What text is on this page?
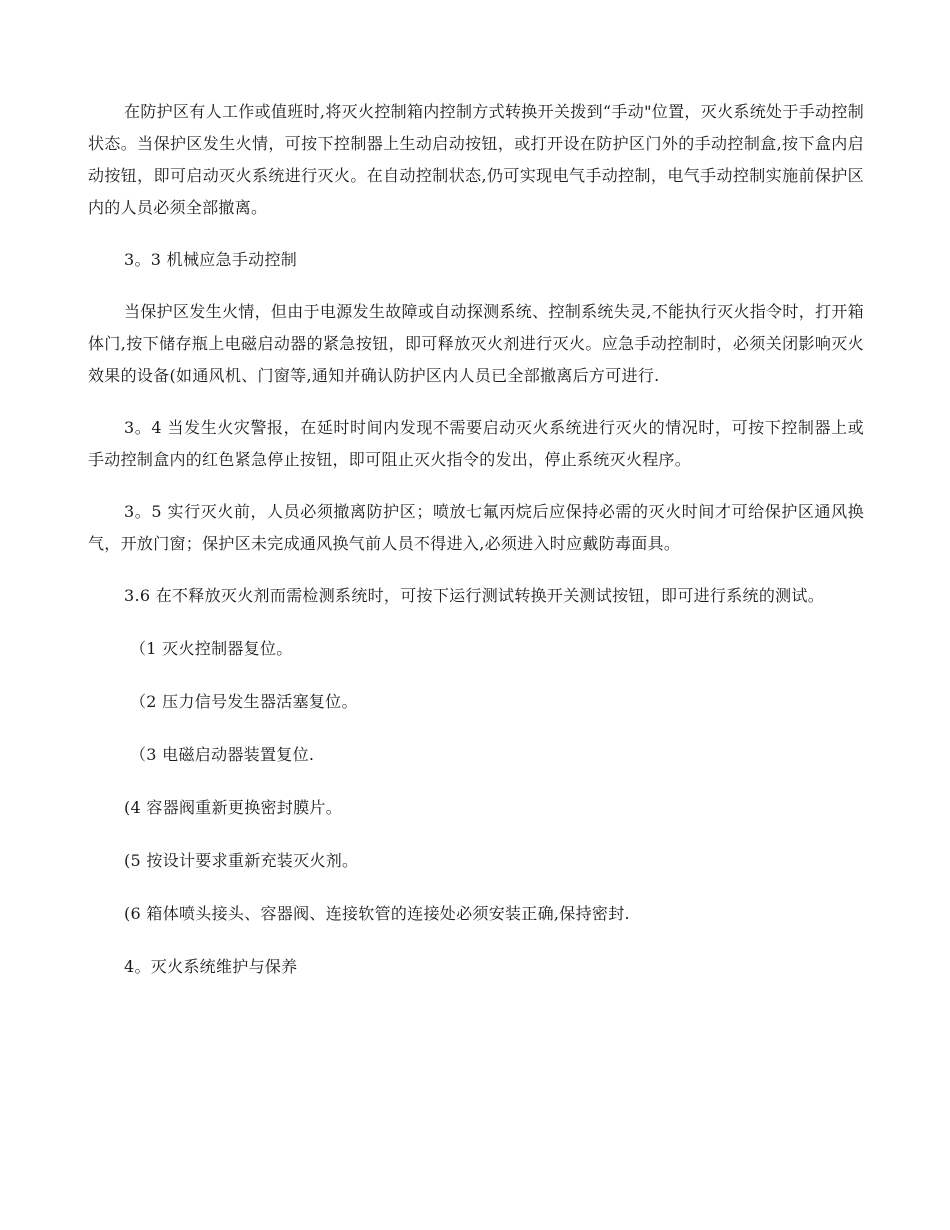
在防护区有人工作或值班时,将灭火控制箱内控制方式转换开关拨到“手动"位置，灭火系统处于手动控制状态。当保护区发生火情，可按下控制器上生动启动按钮，或打开设在防护区门外的手动控制盒,按下盒内启动按钮，即可启动灭火系统进行灭火。在自动控制状态,仍可实现电气手动控制，电气手动控制实施前保护区内的人员必须全部撤离。

3。3 机械应急手动控制

当保护区发生火情，但由于电源发生故障或自动探测系统、控制系统失灵,不能执行灭火指令时，打开箱体门,按下储存瓶上电磁启动器的紧急按钮，即可释放灭火剂进行灭火。应急手动控制时，必须关闭影响灭火效果的设备(如通风机、门窗等,通知并确认防护区内人员已全部撤离后方可进行.

3。4 当发生火灾警报，在延时时间内发现不需要启动灭火系统进行灭火的情况时，可按下控制器上或手动控制盒内的红色紧急停止按钮，即可阻止灭火指令的发出，停止系统灭火程序。

3。5 实行灭火前，人员必须撤离防护区；喷放七氟丙烷后应保持必需的灭火时间才可给保护区通风换气，开放门窗；保护区未完成通风换气前人员不得进入,必须进入时应戴防毒面具。

3.6 在不释放灭火剂而需检测系统时，可按下运行测试转换开关测试按钮，即可进行系统的测试。

（1 灭火控制器复位。

（2 压力信号发生器活塞复位。

（3 电磁启动器装置复位.

(4 容器阀重新更换密封膜片。

(5 按设计要求重新充装灭火剂。

(6 箱体喷头接头、容器阀、连接软管的连接处必须安装正确,保持密封.

4。灭火系统维护与保养
